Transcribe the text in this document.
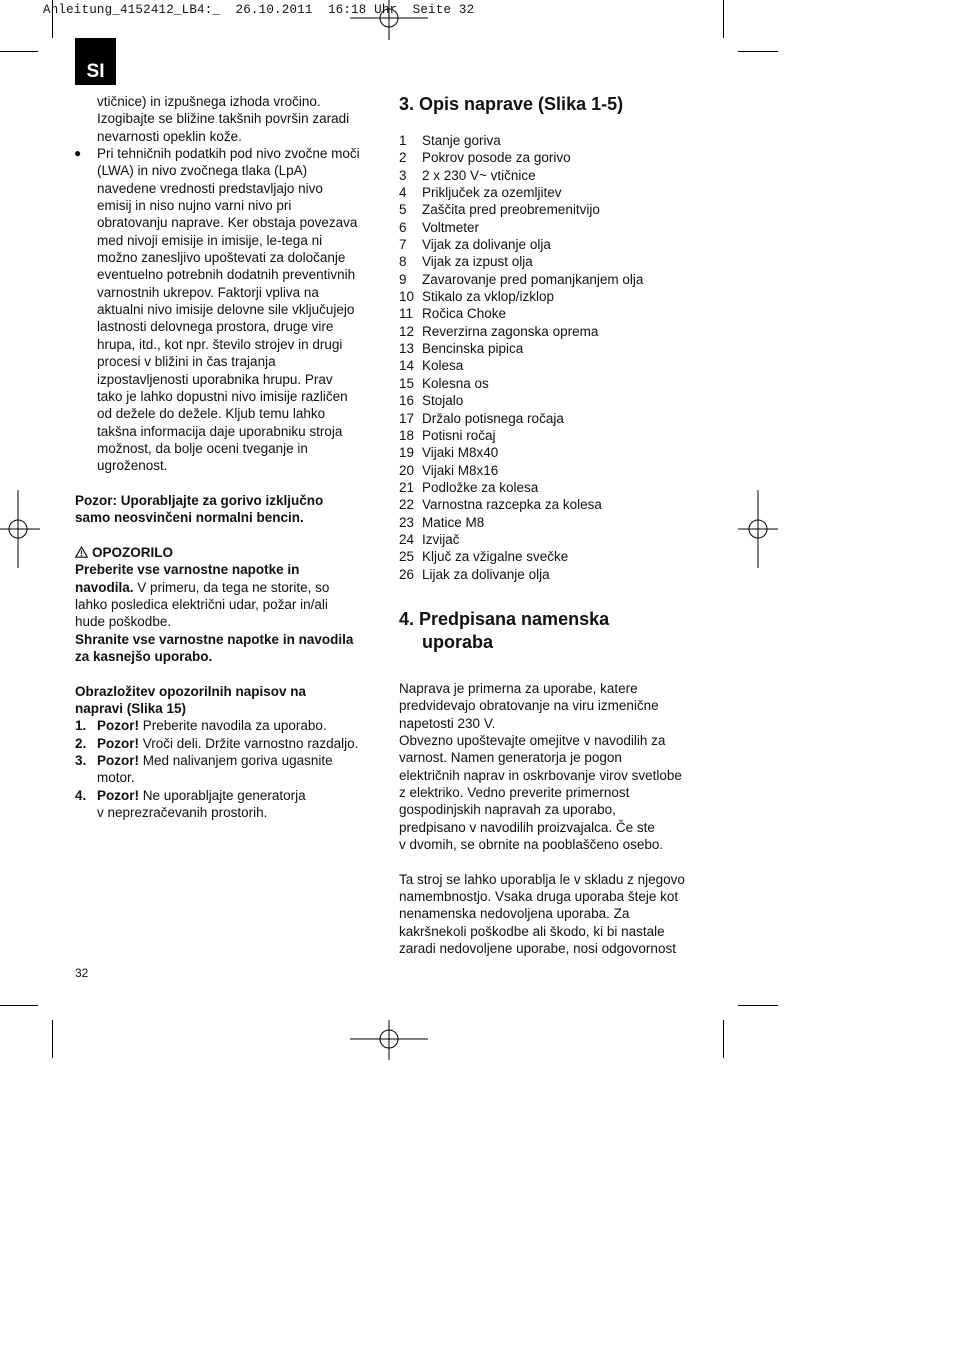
Anleitung_4152412_LB4:_  26.10.2011  16:18 Uhr  Seite 32
SI
vtičnice) in izpušnega izhoda vročino.
Izogibajte se bližine takšnih površin zaradi
nevarnosti opeklin kože.
● Pri tehničnih podatkih pod nivo zvočne moči
(LWA) in nivo zvočnega tlaka (LpA)
navedene vrednosti predstavljajo nivo
emisij in niso nujno varni nivo pri
obratovanju naprave. Ker obstaja povezava
med nivoji emisije in imisije, le-tega ni
možno zanesljivo upoštevati za določanje
eventuelno potrebnih dodatnih preventivnih
varnostnih ukrepov. Faktorji vpliva na
aktualni nivo imisije delovne sile vključujejo
lastnosti delovnega prostora, druge vire
hrupa, itd., kot npr. število strojev in drugi
procesi v bližini in čas trajanja
izpostavljenosti uporabnika hrupu. Prav
tako je lahko dopustni nivo imisije različen
od dežele do dežele. Kljub temu lahko
takšna informacija daje uporabniku stroja
možnost, da bolje oceni tveganje in
ugroženost.
Pozor: Uporabljajte za gorivo izključno
samo neosvinčeni normalni bencin.
OPOZORILO
Preberite vse varnostne napotke in
navodila. V primeru, da tega ne storite, so
lahko posledica električni udar, požar in/ali
hude poškodbe.
Shranite vse varnostne napotke in navodila
za kasnejšo uporabo.
Obrazložitev opozorilnih napisov na
napravi (Slika 15)
1. Pozor! Preberite navodila za uporabo.
2. Pozor! Vroči deli. Držite varnostno razdaljo.
3. Pozor! Med nalivanjem goriva ugasnite
motor.
4. Pozor! Ne uporabljajte generatorja
v neprezračevanih prostorih.
3. Opis naprave (Slika 1-5)
1	Stanje goriva
2	Pokrov posode za gorivo
3	2 x 230 V~ vtičnice
4	Priključek za ozemljitev
5	Zaščita pred preobremenitvijo
6	Voltmeter
7	Vijak za dolivanje olja
8	Vijak za izpust olja
9	Zavarovanje pred pomanjkanjem olja
10 Stikalo za vklop/izklop
11 Ročica Choke
12 Reverzirna zagonska oprema
13 Bencinska pipica
14 Kolesa
15 Kolesna os
16 Stojalo
17 Držalo potisnega ročaja
18 Potisni ročaj
19 Vijaki M8x40
20 Vijaki M8x16
21 Podložke za kolesa
22 Varnostna razcepka za kolesa
23 Matice M8
24 Izvijač
25 Ključ za vžigalne svečke
26 Lijak za dolivanje olja
4. Predpisana namenska
uporaba
Naprava je primerna za uporabe, katere
predvidevajo obratovanje na viru izmenične
napetosti 230 V.
Obvezno upoštevajte omejitve v navodilih za
varnost. Namen generatorja je pogon
električnih naprav in oskrbovanje virov svetlobe
z elektriko. Vedno preverite primernost
gospodinjskih napravah za uporabo,
predpisano v navodilih proizvajalca. Če ste
v dvomih, se obrnite na pooblaščeno osebo.
Ta stroj se lahko uporablja le v skladu z njegovo
namembnostjo. Vsaka druga uporaba šteje kot
nenamenska nedovoljena uporaba. Za
kakršnekoli poškodbe ali škodo, ki bi nastale
zaradi nedovoljene uporabe, nosi odgovornost
32
